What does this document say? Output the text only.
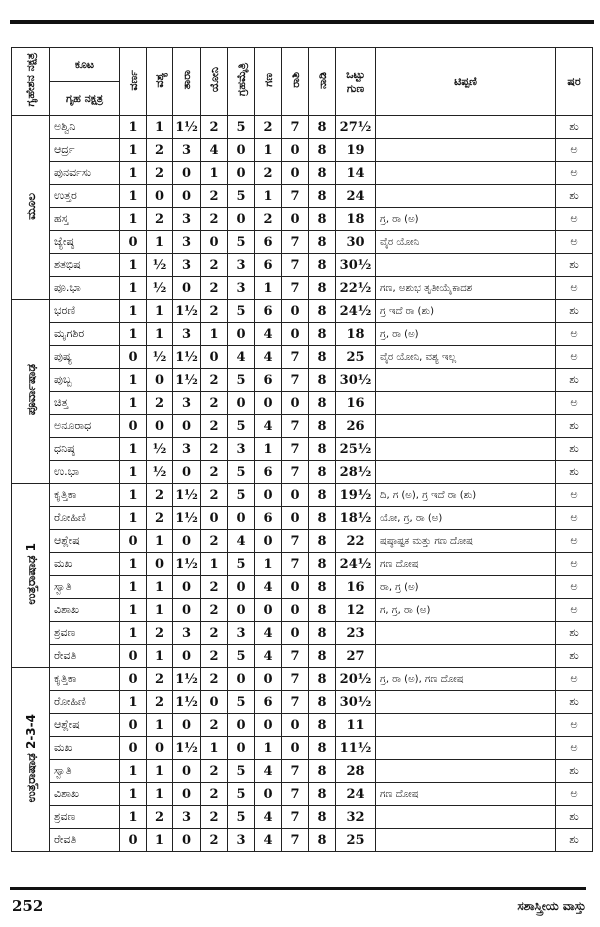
ಗೃಹೇಶನ ನಕ್ಷತ್ರ	ಕೂಟ	ವರ್ಣ	ವಶ್ಯ	ತಾರಾ	ಯೋನಿ	ಗ್ರಹಮೈತ್ರಿ	ಗಣ	ರಾಶಿ	ನಾಡಿ	ಒಟ್ಟು ಗುಣ	ಟಿಪ್ಪಣಿ	ಷರ
	ಗೃಹ ನಕ್ಷತ್ರ											
ಮೂಲ	ಅಶ್ವಿನಿ	1	1	1½	2	5	2	7	8	27½		ಶು
	ಆರ್ದ್ರ	1	2	3	4	0	1	0	8	19		ಅ
	ಪುನರ್ವಸು	1	2	0	1	0	2	0	8	14		ಅ
	ಉತ್ತರ	1	0	0	2	5	1	7	8	24		ಶು
	ಹಸ್ತ	1	2	3	2	0	2	0	8	18	ಗ್ರ, ರಾ (ಅ)	ಅ
	ಜ್ಯೇಷ್ಠ	0	1	3	0	5	6	7	8	30	ವೈರ ಯೋನಿ	ಅ
	ಶತಭಿಷ	1	½	3	2	3	6	7	8	30½		ಶು
	ಪೂ.ಭಾ	1	½	0	2	3	1	7	8	22½	ಗಣ, ಅಶುಭ ತೃತೀಯೈಕಾದಶ	ಅ
ಪೂರ್ವಾಷಾಢ	ಭರಣಿ	1	1	1½	2	5	6	0	8	24½	ಗ್ರ ಇದೆ ರಾ (ಶು)	ಶು
	ಮೃಗಶಿರ	1	1	3	1	0	4	0	8	18	ಗ್ರ, ರಾ (ಅ)	ಅ
	ಪುಷ್ಯ	0	½	1½	0	4	4	7	8	25	ವೈರ ಯೋನಿ, ವಶ್ಯ ಇಲ್ಲ	ಅ
	ಪುಬ್ಬ	1	0	1½	2	5	6	7	8	30½		ಶು
	ಚಿತ್ತ	1	2	3	2	0	0	0	8	16		ಅ
	ಅನೂರಾಧ	0	0	0	2	5	4	7	8	26		ಶು
	ಧನಿಷ್ಠ	1	½	3	2	3	1	7	8	25½		ಶು
	ಉ.ಭಾ	1	½	0	2	5	6	7	8	28½		ಶು
ಉತ್ತರಾಷಾಢ 1	ಕೃತ್ತಿಕಾ	1	2	1½	2	5	0	0	8	19½	ದಿ, ಗ (ಅ), ಗ್ರ ಇದೆ ರಾ (ಶು)	ಅ
	ರೋಹಿಣಿ	1	2	1½	0	0	6	0	8	18½	ಯೋ, ಗ್ರ, ರಾ (ಅ)	ಅ
	ಆಶ್ಲೇಷ	0	1	0	2	4	0	7	8	22	ಷಷ್ಠಾಷ್ಟಕ ಮತ್ತು ಗಣ ದೋಷ	ಅ
	ಮಖ	1	0	1½	1	5	1	7	8	24½	ಗಣ ದೋಷ	ಅ
	ಸ್ವಾತಿ	1	1	0	2	0	4	0	8	16	ರಾ, ಗ್ರ (ಅ)	ಅ
	ವಿಶಾಖ	1	1	0	2	0	0	0	8	12	ಗ, ಗ್ರ, ರಾ (ಅ)	ಅ
	ಶ್ರವಣ	1	2	3	2	3	4	0	8	23		ಶು
	ರೇವತಿ	0	1	0	2	5	4	7	8	27		ಶು
ಉತ್ತರಾಷಾಢ 2-3-4	ಕೃತ್ತಿಕಾ	0	2	1½	2	0	0	7	8	20½	ಗ್ರ, ರಾ (ಅ), ಗಣ ದೋಷ	ಅ
	ರೋಹಿಣಿ	1	2	1½	0	5	6	7	8	30½		ಶು
	ಆಶ್ಲೇಷ	0	1	0	2	0	0	0	8	11		ಅ
	ಮಖ	0	0	1½	1	0	1	0	8	11½		ಅ
	ಸ್ವಾತಿ	1	1	0	2	5	4	7	8	28		ಶು
	ವಿಶಾಖ	1	1	0	2	5	0	7	8	24	ಗಣ ದೋಷ	ಅ
	ಶ್ರವಣ	1	2	3	2	5	4	7	8	32		ಶು
	ರೇವತಿ	0	1	0	2	3	4	7	8	25		ಶು
252	ಸಶಾಸ್ತ್ರೀಯ ವಾಸ್ತು
